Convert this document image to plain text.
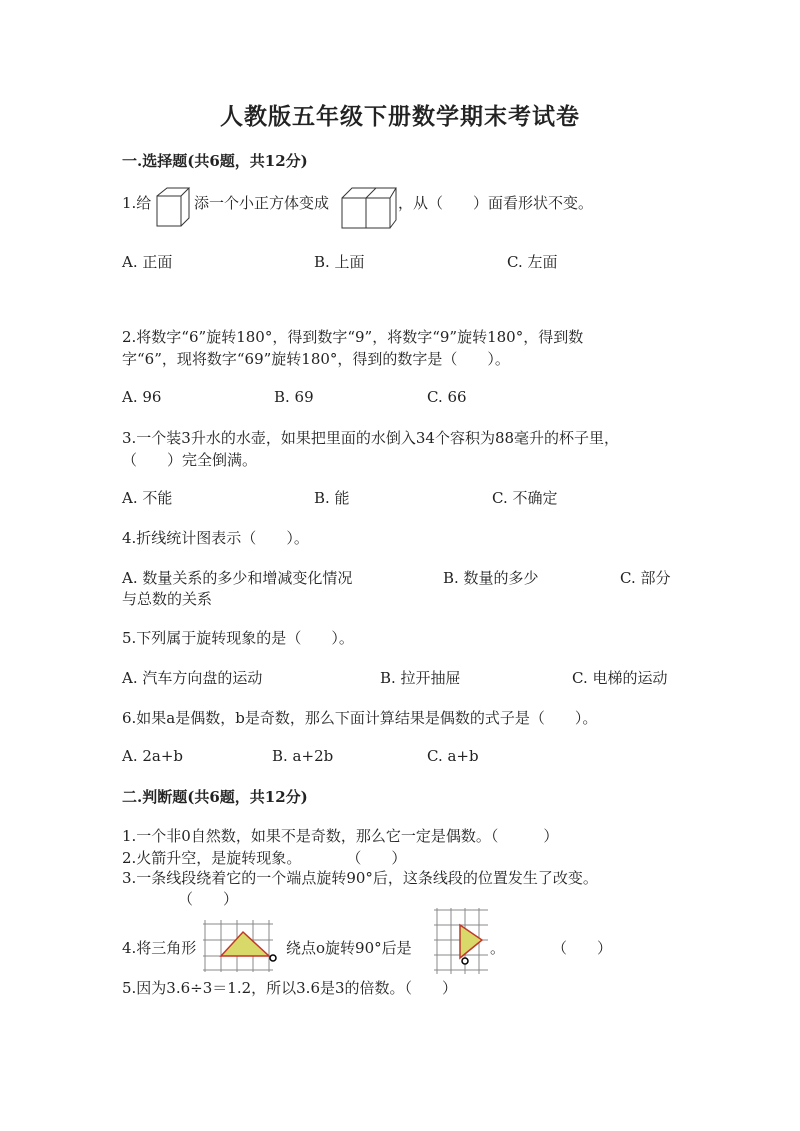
人教版五年级下册数学期末考试卷
一.选择题(共6题，共12分)
1.给	添一个小正方体变成	，从（　　）面看形状不变。
A. 正面	B. 上面	C. 左面
2.将数字“6”旋转180°，得到数字“9”，将数字“9”旋转180°，得到数
字“6”，现将数字“69”旋转180°，得到的数字是（　　）。
A. 96	B. 69	C. 66
3.一个装3升水的水壶，如果把里面的水倒入34个容积为88毫升的杯子里，
（　　）完全倒满。
A. 不能	B. 能	C. 不确定
4.折线统计图表示（　　）。
A. 数量关系的多少和增减变化情况	B. 数量的多少	C. 部分
与总数的关系
5.下列属于旋转现象的是（　　）。
A. 汽车方向盘的运动	B. 拉开抽屉	C. 电梯的运动
6.如果a是偶数，b是奇数，那么下面计算结果是偶数的式子是（　　）。
A. 2a+b	B. a+2b	C. a+b
二.判断题(共6题，共12分)
1.一个非0自然数，如果不是奇数，那么它一定是偶数。（　　　）
2.火箭升空，是旋转现象。　　　　（　　）
3.一条线段绕着它的一个端点旋转90°后，这条线段的位置发生了改变。
（　　）
4.将三角形	绕点o旋转90°后是	。	（　　）
5.因为3.6÷3＝1.2，所以3.6是3的倍数。（　　）
